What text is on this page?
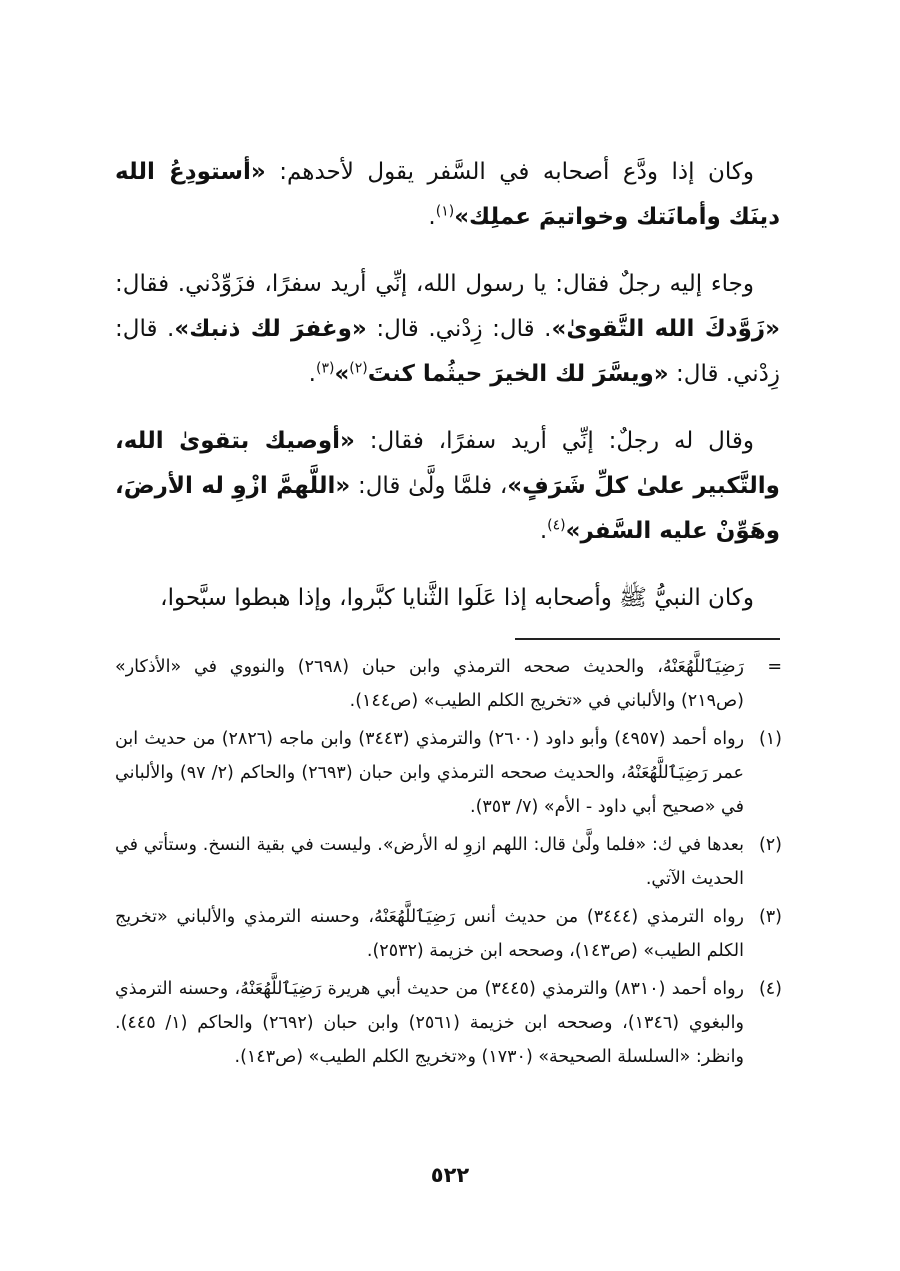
وكان إذا ودَّع أصحابه في السَّفر يقول لأحدهم: «أستودِعُ الله دينَك وأمانَتك وخواتيمَ عملِك»$^{(١)}$.

وجاء إليه رجلٌ فقال: يا رسول الله، إنِّي أريد سفرًا، فزَوِّدْني. فقال: «زَوَّدكَ الله التَّقوىٰ». قال: زِدْني. قال: «وغفرَ لك ذنبك». قال: زِدْني. قال: «ويسَّرَ لك الخيرَ حيثُما كنتَ$^{(٢)}$»$^{(٣)}$.

وقال له رجلٌ: إنِّي أريد سفرًا، فقال: «أوصيك بتقوىٰ الله، والتَّكبير علىٰ كلِّ شَرَفٍ»، فلمَّا ولَّىٰ قال: «اللَّهمَّ ازْوِ له الأرضَ، وهَوِّنْ عليه السَّفر»$^{(٤)}$.

وكان النبيُّ ﷺ وأصحابه إذا عَلَوا الثَّنايا كبَّروا، وإذا هبطوا سبَّحوا،

=
رَضِيَٱللَّهُعَنْهُ، والحديث صححه الترمذي وابن حبان (٢٦٩٨) والنووي في «الأذكار» (ص٢١٩) والألباني في «تخريج الكلم الطيب» (ص١٤٤).
(١)
رواه أحمد (٤٩٥٧) وأبو داود (٢٦٠٠) والترمذي (٣٤٤٣) وابن ماجه (٢٨٢٦) من حديث ابن عمر رَضِيَٱللَّهُعَنْهُ، والحديث صححه الترمذي وابن حبان (٢٦٩٣) والحاكم (٢/ ٩٧) والألباني في «صحيح أبي داود - الأم» (٧/ ٣٥٣).
(٢)
بعدها في ك: «فلما ولَّىٰ قال: اللهم ازوِ له الأرض». وليست في بقية النسخ. وستأتي في الحديث الآتي.
(٣)
رواه الترمذي (٣٤٤٤) من حديث أنس رَضِيَٱللَّهُعَنْهُ، وحسنه الترمذي والألباني «تخريج الكلم الطيب» (ص١٤٣)، وصححه ابن خزيمة (٢٥٣٢).
(٤)
رواه أحمد (٨٣١٠) والترمذي (٣٤٤٥) من حديث أبي هريرة رَضِيَٱللَّهُعَنْهُ، وحسنه الترمذي والبغوي (١٣٤٦)، وصححه ابن خزيمة (٢٥٦١) وابن حبان (٢٦٩٢) والحاكم (١/ ٤٤٥). وانظر: «السلسلة الصحيحة» (١٧٣٠) و«تخريج الكلم الطيب» (ص١٤٣).
٥٢٢
